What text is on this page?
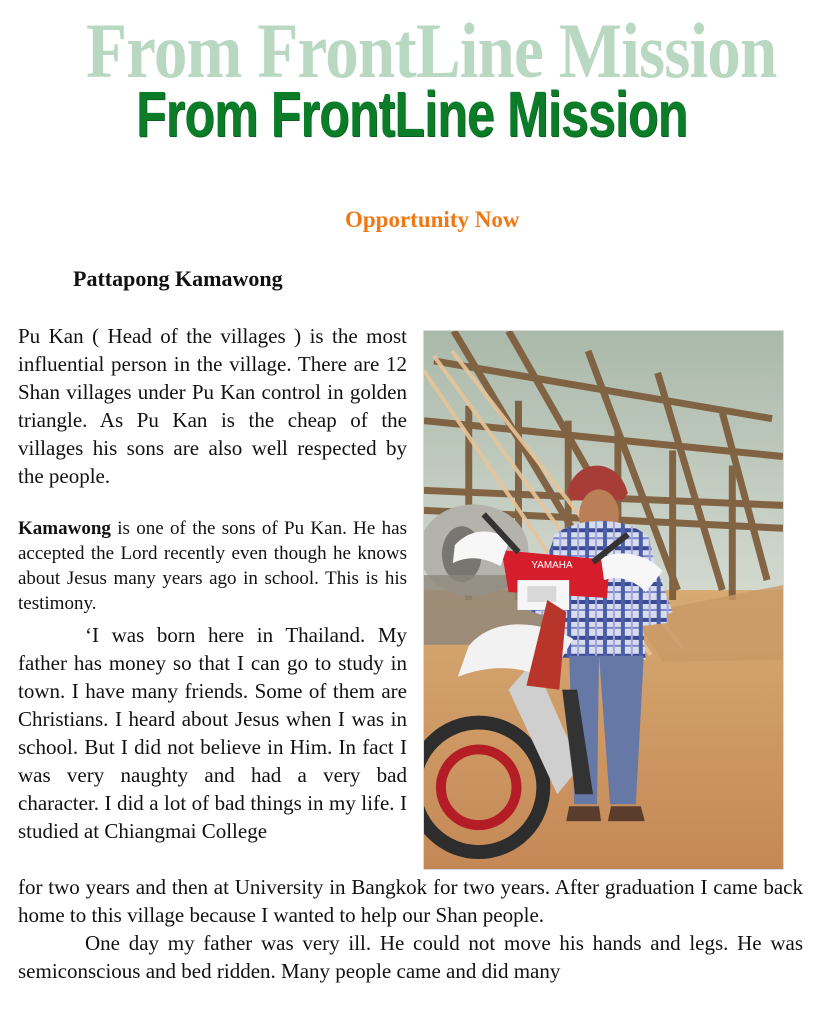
From FrontLine Mission
From FrontLine Mission
Opportunity Now
Pattapong Kamawong

Pu Kan ( Head of the villages ) is the most influential person in the village. There are 12 Shan villages under Pu Kan control in golden triangle. As Pu Kan is the cheap of the villages his sons are also well respected by the people.

Kamawong is one of the sons of Pu Kan. He has accepted the Lord recently even though he knows about Jesus many years ago in school. This is his testimony.

‘I was born here in Thailand. My father has money so that I can go to study in town. I have many friends. Some of them are Christians. I heard about Jesus when I was in school. But I did not believe in Him. In fact I was very naughty and had a very bad character. I did a lot of bad things in my life. I studied at Chiangmai College

for two years and then at University in Bangkok for two years. After graduation I came back home to this village because I wanted to help our Shan people.

One day my father was very ill. He could not move his hands and legs. He was semiconscious and bed ridden. Many people came and did many

YAMAHA
